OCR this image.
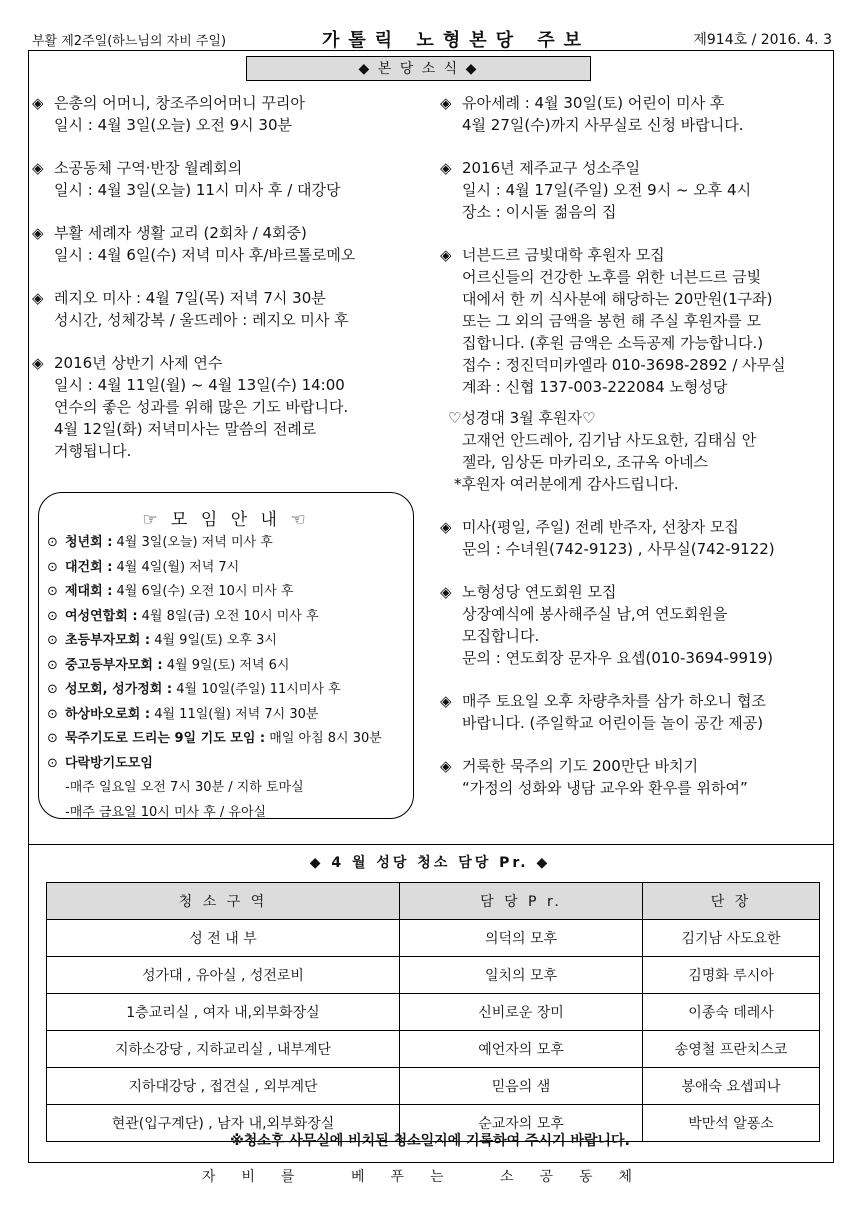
부활 제2주일(하느님의 자비 주일)	가톨릭 노형본당 주보	제914호 / 2016. 4. 3
◆ 본 당 소 식 ◆
◈ 은총의 어머니, 창조주의어머니 꾸리아
일시 : 4월 3일(오늘) 오전 9시 30분
◈ 소공동체 구역·반장 월례회의
일시 : 4월 3일(오늘) 11시 미사 후 / 대강당
◈ 부활 세례자 생활 교리 (2회차 / 4회중)
일시 : 4월 6일(수) 저녁 미사 후/바르톨로메오
◈ 레지오 미사 : 4월 7일(목) 저녁 7시 30분
성시간, 성체강복 / 울뜨레아 : 레지오 미사 후
◈ 2016년 상반기 사제 연수
일시 : 4월 11일(월) ~ 4월 13일(수) 14:00
연수의 좋은 성과를 위해 많은 기도 바랍니다.
4월 12일(화) 저녁미사는 말씀의 전례로
거행됩니다.
☞ 모 임 안 내 ☜
⊙ 청년회 : 4월 3일(오늘) 저녁 미사 후
⊙ 대건회 : 4월 4일(월) 저녁 7시
⊙ 제대회 : 4월 6일(수) 오전 10시 미사 후
⊙ 여성연합회 : 4월 8일(금) 오전 10시 미사 후
⊙ 초등부자모회 : 4월 9일(토) 오후 3시
⊙ 중고등부자모회 : 4월 9일(토) 저녁 6시
⊙ 성모회, 성가정회 : 4월 10일(주일) 11시미사 후
⊙ 하상바오로회 : 4월 11일(월) 저녁 7시 30분
⊙ 묵주기도로 드리는 9일 기도 모임 : 매일 아침 8시 30분
⊙ 다락방기도모임
-매주 일요일 오전 7시 30분 / 지하 토마실
-매주 금요일 10시 미사 후 / 유아실
◈ 유아세례 : 4월 30일(토) 어린이 미사 후
4월 27일(수)까지 사무실로 신청 바랍니다.
◈ 2016년 제주교구 성소주일
일시 : 4월 17일(주일) 오전 9시 ~ 오후 4시
장소 : 이시돌 젊음의 집
◈ 너븐드르 금빛대학 후원자 모집
어르신들의 건강한 노후를 위한 너븐드르 금빛
대에서 한 끼 식사분에 해당하는 20만원(1구좌)
또는 그 외의 금액을 봉헌 해 주실 후원자를 모
집합니다. (후원 금액은 소득공제 가능합니다.)
접수 : 정진덕미카엘라 010-3698-2892 / 사무실
계좌 : 신협 137-003-222084 노형성당
♡성경대 3월 후원자♡
고재언 안드레아, 김기남 사도요한, 김태심 안
젤라, 임상돈 마카리오, 조규옥 아네스
*후원자 여러분에게 감사드립니다.
◈ 미사(평일, 주일) 전례 반주자, 선창자 모집
문의 : 수녀원(742-9123) , 사무실(742-9122)
◈ 노형성당 연도회원 모집
상장예식에 봉사해주실 남,여 연도회원을
모집합니다.
문의 : 연도회장 문자우 요셉(010-3694-9919)
◈ 매주 토요일 오후 차량추차를 삼가 하오니 협조
바랍니다. (주일학교 어린이들 놀이 공간 제공)
◈ 거룩한 묵주의 기도 200만단 바치기
“가정의 성화와 냉담 교우와 환우를 위하여”
◆ 4 월 성당 청소 담당 Pr. ◆
청 소 구 역	담 당 P r.	단 장
성 전 내 부	의덕의 모후	김기남 사도요한
성가대 , 유아실 , 성전로비	일치의 모후	김명화 루시아
1층교리실 , 여자 내,외부화장실	신비로운 장미	이종숙 데레사
지하소강당 , 지하교리실 , 내부계단	예언자의 모후	송영철 프란치스코
지하대강당 , 접견실 , 외부계단	믿음의 샘	봉애숙 요셉피나
현관(입구계단) , 남자 내,외부화장실	순교자의 모후	박만석 알퐁소
※청소후 사무실에 비치된 청소일지에 기록하여 주시기 바랍니다.
자비를 베푸는 소공동체
